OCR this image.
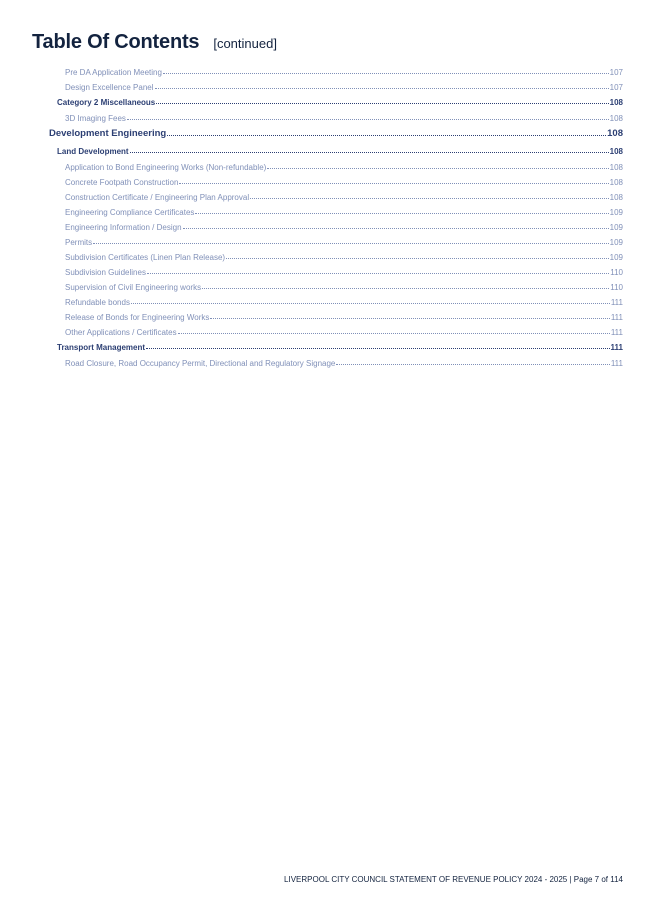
Table Of Contents [continued]
Pre DA Application Meeting	107
Design Excellence Panel	107
Category 2 Miscellaneous	108
3D Imaging Fees	108
Development Engineering	108
Land Development	108
Application to Bond Engineering Works (Non-refundable)	108
Concrete Footpath Construction	108
Construction Certificate / Engineering Plan Approval	108
Engineering Compliance Certificates	109
Engineering Information / Design	109
Permits	109
Subdivision Certificates (Linen Plan Release)	109
Subdivision Guidelines	110
Supervision of Civil Engineering works	110
Refundable bonds	111
Release of Bonds for Engineering Works	111
Other Applications / Certificates	111
Transport Management	111
Road Closure, Road Occupancy Permit, Directional and Regulatory Signage	111
LIVERPOOL CITY COUNCIL STATEMENT OF REVENUE POLICY 2024 - 2025 | Page 7 of 114
